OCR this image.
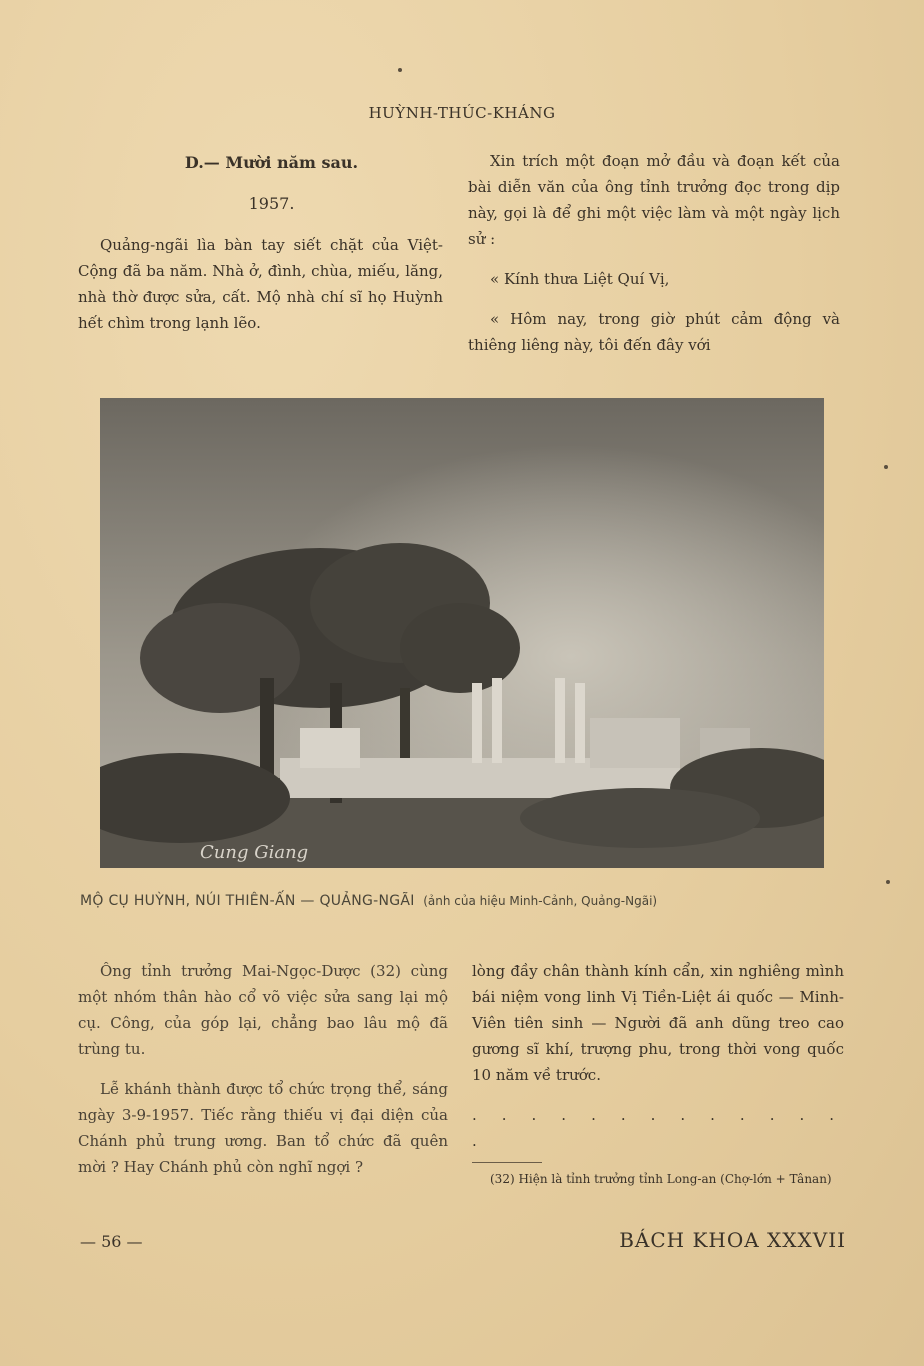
HUỲNH-THÚC-KHÁNG

D.— Mười năm sau.

1957.

Quảng-ngãi lìa bàn tay siết chặt của Việt-Cộng đã ba năm. Nhà ở, đình, chùa, miếu, lăng, nhà thờ được sửa, cất. Mộ nhà chí sĩ họ Huỳnh hết chìm trong lạnh lẽo.

Xin trích một đoạn mở đầu và đoạn kết của bài diễn văn của ông tỉnh trưởng đọc trong dịp này, gọi là để ghi một việc làm và một ngày lịch sử :

« Kính thưa Liệt Quí Vị,

« Hôm nay, trong giờ phút cảm động và thiêng liêng này, tôi đến đây với

Cung Giang
MỘ CỤ HUỲNH, NÚI THIÊN-ẤN — QUẢNG-NGÃI (ảnh của hiệu Minh-Cảnh, Quảng-Ngãi)

Ông tỉnh trưởng Mai-Ngọc-Dược (32) cùng một nhóm thân hào cổ võ việc sửa sang lại mộ cụ. Công, của góp lại, chẳng bao lâu mộ đã trùng tu.

Lễ khánh thành được tổ chức trọng thể, sáng ngày 3-9-1957. Tiếc rằng thiếu vị đại diện của Chánh phủ trung ương. Ban tổ chức đã quên mời ? Hay Chánh phủ còn nghĩ ngợi ?

lòng đầy chân thành kính cẩn, xin nghiêng mình bái niệm vong linh Vị Tiền-Liệt ái quốc — Minh-Viên tiên sinh — Người đã anh dũng treo cao gương sĩ khí, trượng phu, trong thời vong quốc 10 năm về trước.

. . . . . . . . . . . . . .

(32) Hiện là tỉnh trưởng tỉnh Long-an (Chợ-lớn + Tânan)

— 56 —	BÁCH KHOA XXXVII
